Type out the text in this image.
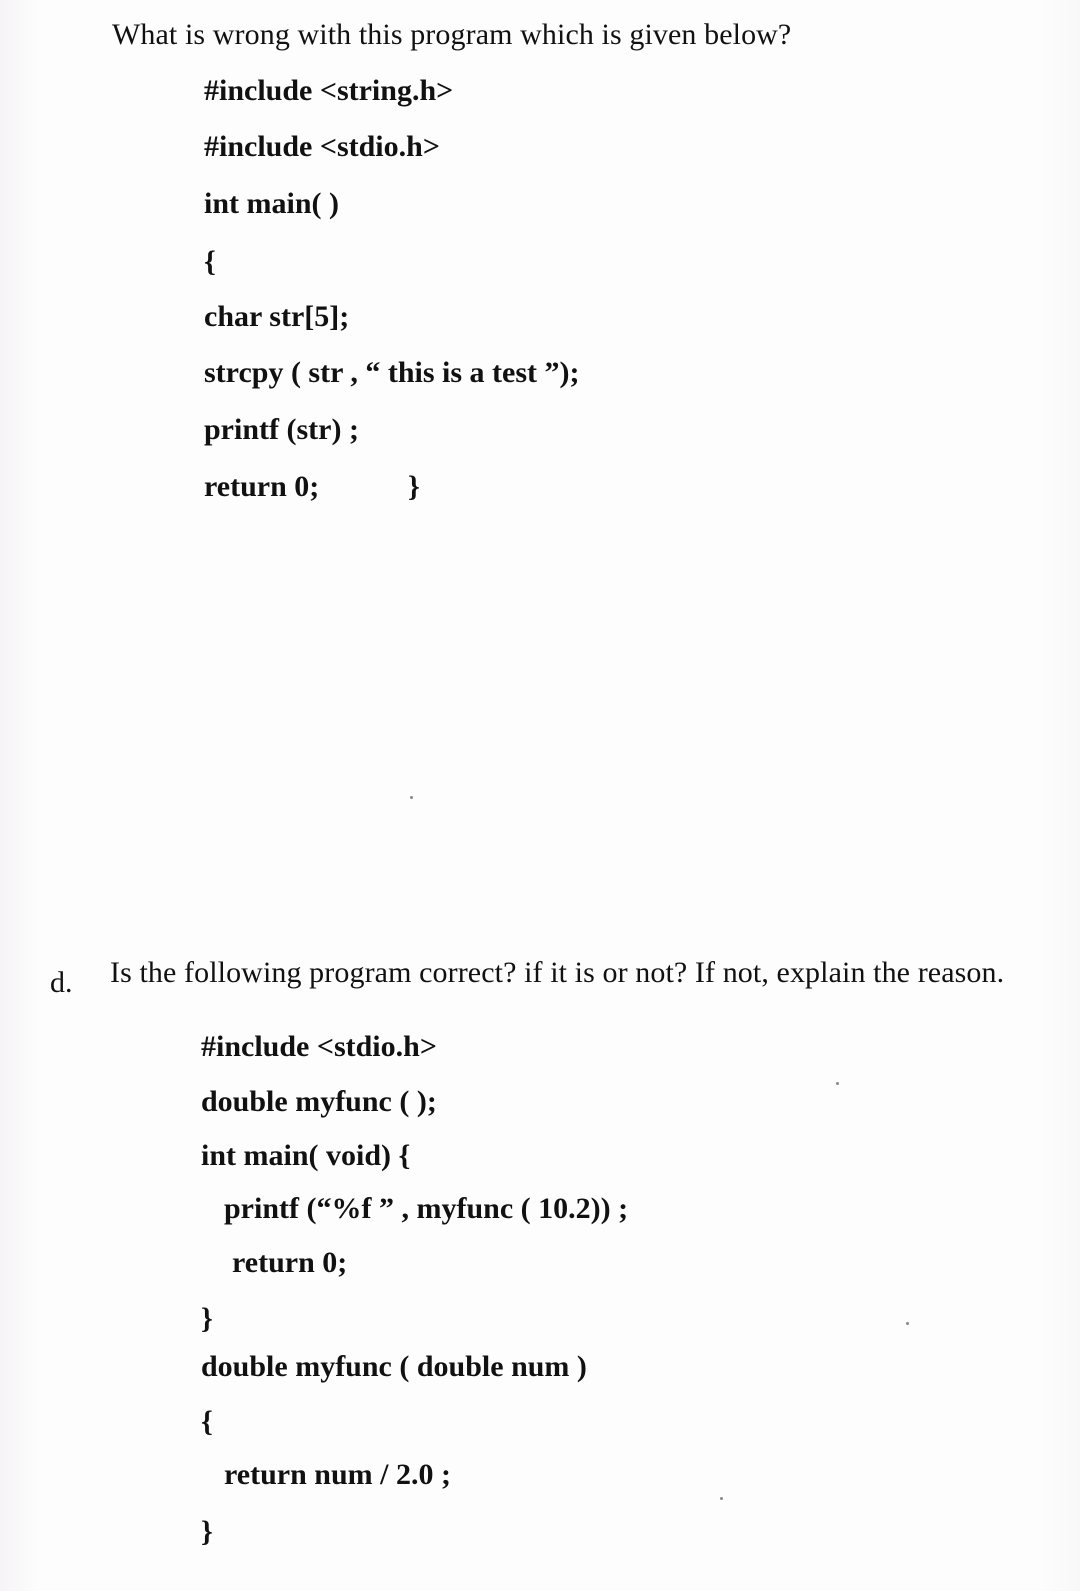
What is wrong with this program which is given below?
#include <string.h>
#include <stdio.h>
int main( )
{
char str[5];
strcpy ( str , “ this is a test ”);
printf (str) ;
return 0;	}
d. Is the following program correct? if it is or not? If not, explain the reason.
#include <stdio.h>
double myfunc ( );
int main( void) {
printf (“%f ” , myfunc ( 10.2)) ;
return 0;
}
double myfunc ( double num )
{
return num / 2.0 ;
}
